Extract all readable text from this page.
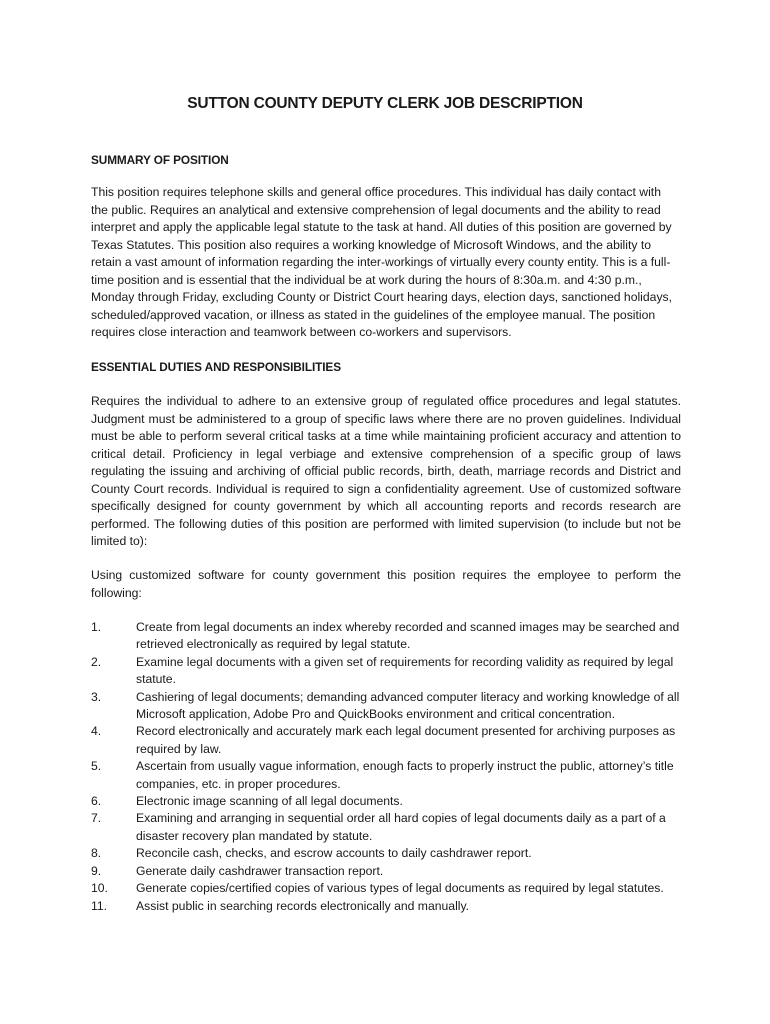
SUTTON COUNTY DEPUTY CLERK JOB DESCRIPTION
SUMMARY OF POSITION

This position requires telephone skills and general office procedures. This individual has daily contact with the public. Requires an analytical and extensive comprehension of legal documents and the ability to read interpret and apply the applicable legal statute to the task at hand. All duties of this position are governed by Texas Statutes. This position also requires a working knowledge of Microsoft Windows, and the ability to retain a vast amount of information regarding the inter-workings of virtually every county entity. This is a full-time position and is essential that the individual be at work during the hours of 8:30a.m. and 4:30 p.m., Monday through Friday, excluding County or District Court hearing days, election days, sanctioned holidays, scheduled/approved vacation, or illness as stated in the guidelines of the employee manual. The position requires close interaction and teamwork between co-workers and supervisors.

ESSENTIAL DUTIES AND RESPONSIBILITIES

Requires the individual to adhere to an extensive group of regulated office procedures and legal statutes. Judgment must be administered to a group of specific laws where there are no proven guidelines. Individual must be able to perform several critical tasks at a time while maintaining proficient accuracy and attention to critical detail. Proficiency in legal verbiage and extensive comprehension of a specific group of laws regulating the issuing and archiving of official public records, birth, death, marriage records and District and County Court records. Individual is required to sign a confidentiality agreement. Use of customized software specifically designed for county government by which all accounting reports and records research are performed. The following duties of this position are performed with limited supervision (to include but not be limited to):

Using customized software for county government this position requires the employee to perform the following:

1.	Create from legal documents an index whereby recorded and scanned images may be searched and retrieved electronically as required by legal statute.
2.	Examine legal documents with a given set of requirements for recording validity as required by legal statute.
3.	Cashiering of legal documents; demanding advanced computer literacy and working knowledge of all Microsoft application, Adobe Pro and QuickBooks environment and critical concentration.
4.	Record electronically and accurately mark each legal document presented for archiving purposes as required by law.
5.	Ascertain from usually vague information, enough facts to properly instruct the public, attorney’s title companies, etc. in proper procedures.
6.	Electronic image scanning of all legal documents.
7.	Examining and arranging in sequential order all hard copies of legal documents daily as a part of a disaster recovery plan mandated by statute.
8.	Reconcile cash, checks, and escrow accounts to daily cashdrawer report.
9.	Generate daily cashdrawer transaction report.
10.	Generate copies/certified copies of various types of legal documents as required by legal statutes.
11.	Assist public in searching records electronically and manually.
